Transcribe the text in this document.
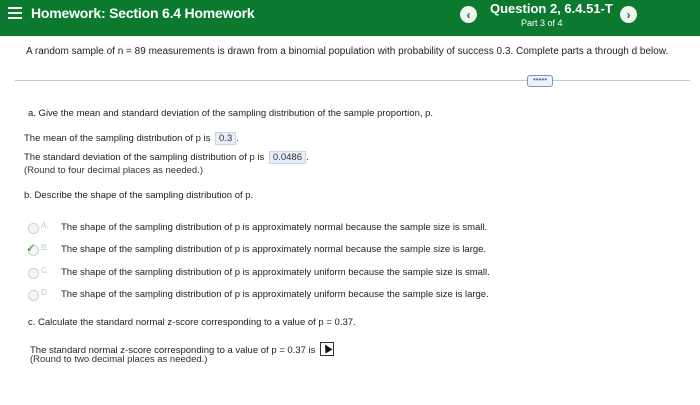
Homework: Section 6.4 Homework	‹	Question 2, 6.4.51-T
Part 3 of 4
›
A random sample of n = 89 measurements is drawn from a binomial population with probability of success 0.3. Complete parts a through d below.
•••••
a. Give the mean and standard deviation of the sampling distribution of the sample proportion, p.
The mean of the sampling distribution of p is 0.3 .
The standard deviation of the sampling distribution of p is 0.0486 .
(Round to four decimal places as needed.)
b. Describe the shape of the sampling distribution of p.
A. The shape of the sampling distribution of p is approximately normal because the sample size is small.
✓ B. The shape of the sampling distribution of p is approximately normal because the sample size is large.
C. The shape of the sampling distribution of p is approximately uniform because the sample size is small.
D. The shape of the sampling distribution of p is approximately uniform because the sample size is large.
c. Calculate the standard normal z-score corresponding to a value of p = 0.37.
The standard normal z-score corresponding to a value of p = 0.37 is
(Round to two decimal places as needed.)
